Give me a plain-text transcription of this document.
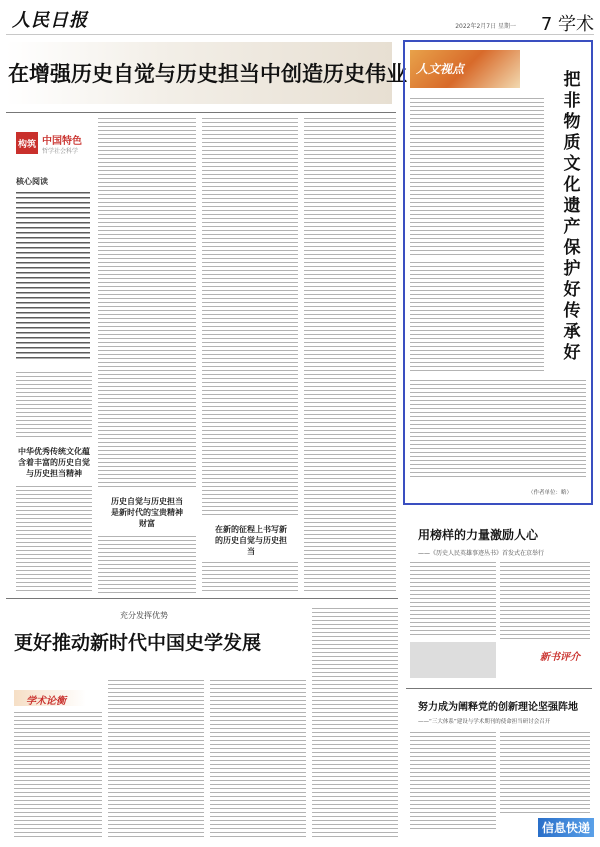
人民日报	2022年2月7日 星期一 7 学术
在增强历史自觉与历史担当中创造历史伟业
构筑 中国特色
哲学社会科学
核心阅读
中华优秀传统文化蕴含着丰富的历史自觉与历史担当精神
历史自觉与历史担当是新时代的宝贵精神财富
在新的征程上书写新的历史自觉与历史担当
人文视点
把非物质文化遗产保护好传承好
（作者单位：略）
充分发挥优势
更好推动新时代中国史学发展
学术论衡
用榜样的力量激励人心
——《历史人民英雄事迹丛书》首发式在京举行
新书评介
努力成为阐释党的创新理论坚强阵地
——“三大体系”建设与学术期刊的使命担当研讨会召开
信息快递
